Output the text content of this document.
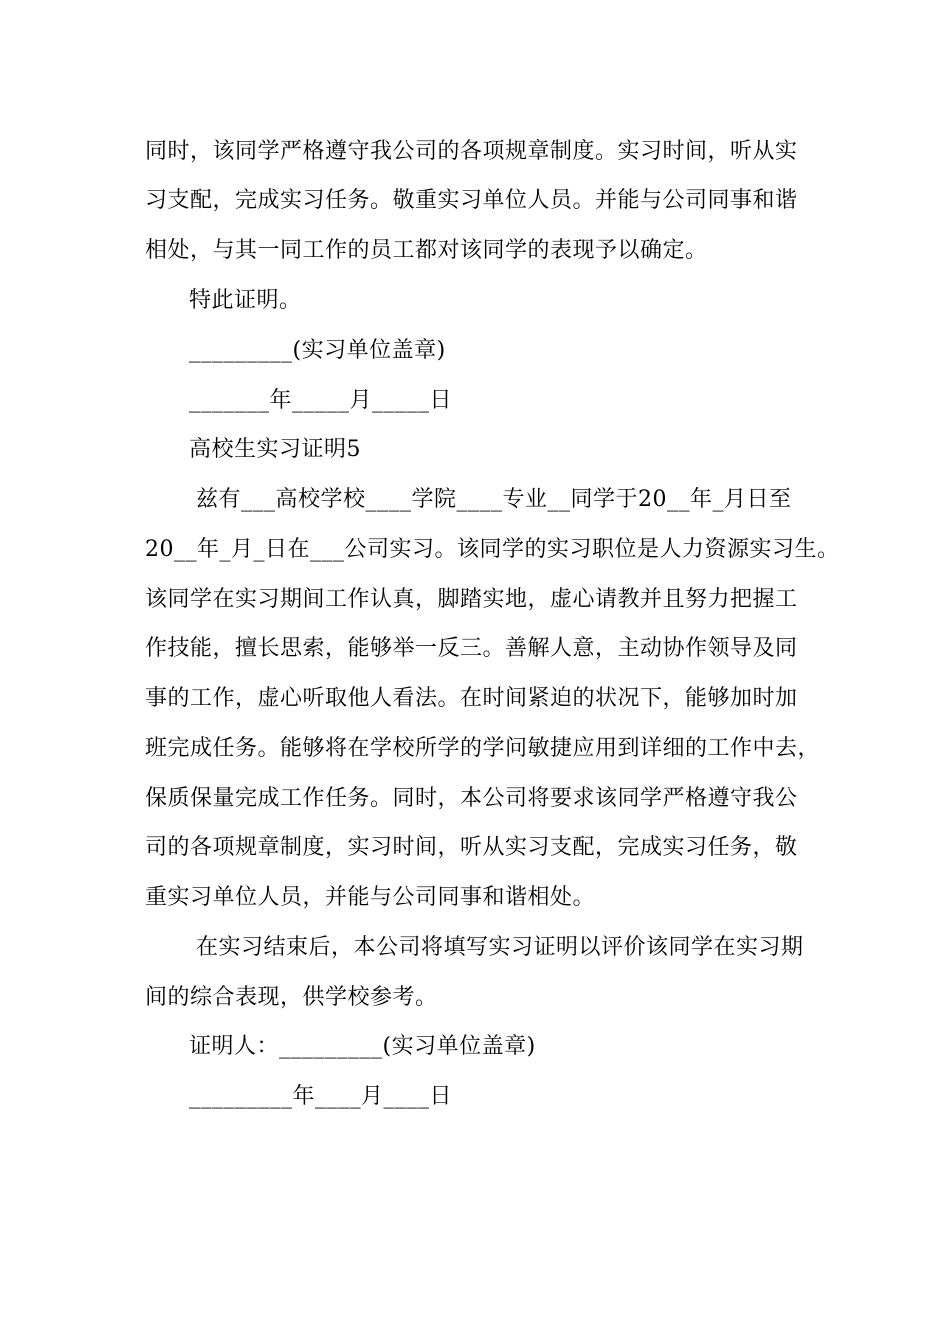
同时，该同学严格遵守我公司的各项规章制度。实习时间，听从实
习支配，完成实习任务。敬重实习单位人员。并能与公司同事和谐
相处，与其一同工作的员工都对该同学的表现予以确定。
特此证明。
_________(实习单位盖章)
_______年_____月_____日
高校生实习证明5
兹有___高校学校____学院____专业__同学于20__年_月日至
20__年_月_日在___公司实习。该同学的实习职位是人力资源实习生。
该同学在实习期间工作认真，脚踏实地，虚心请教并且努力把握工
作技能，擅长思索，能够举一反三。善解人意，主动协作领导及同
事的工作，虚心听取他人看法。在时间紧迫的状况下，能够加时加
班完成任务。能够将在学校所学的学问敏捷应用到详细的工作中去，
保质保量完成工作任务。同时，本公司将要求该同学严格遵守我公
司的各项规章制度，实习时间，听从实习支配，完成实习任务，敬
重实习单位人员，并能与公司同事和谐相处。
在实习结束后，本公司将填写实习证明以评价该同学在实习期
间的综合表现，供学校参考。
证明人：_________(实习单位盖章)
_________年____月____日
